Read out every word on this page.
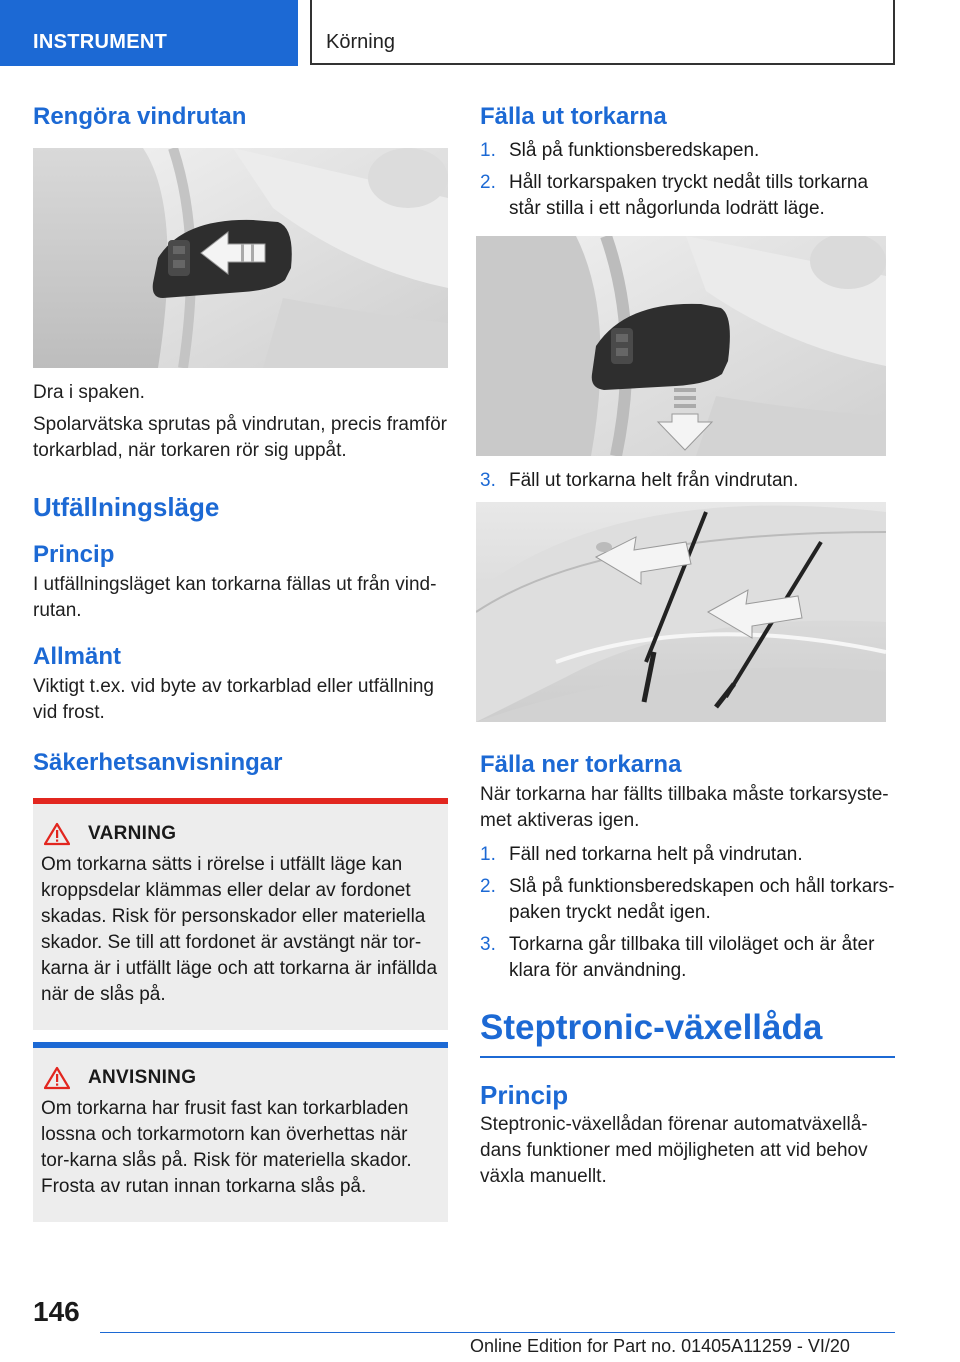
INSTRUMENT	Körning
Rengöra vindrutan

Dra i spaken.

Spolarvätska sprutas på vindrutan, precis framför torkarblad, när torkaren rör sig uppåt.

Utfällningsläge
Princip

I utfällningsläget kan torkarna fällas ut från vind-rutan.

Allmänt

Viktigt t.ex. vid byte av torkarblad eller utfällning vid frost.

Säkerhetsanvisningar
VARNING

Om torkarna sätts i rörelse i utfällt läge kan kroppsdelar klämmas eller delar av fordonet skadas. Risk för personskador eller materiella skador. Se till att fordonet är avstängt när tor-karna är i utfällt läge och att torkarna är infällda när de slås på.

ANVISNING

Om torkarna har frusit fast kan torkarbladen lossna och torkarmotorn kan överhettas när tor-karna slås på. Risk för materiella skador. Frosta av rutan innan torkarna slås på.

Fälla ut torkarna
1. Slå på funktionsberedskapen.
2. Håll torkarspaken tryckt nedåt tills torkarna står stilla i ett någorlunda lodrätt läge.
3. Fäll ut torkarna helt från vindrutan.
Fälla ner torkarna

När torkarna har fällts tillbaka måste torkarsyste-met aktiveras igen.

1. Fäll ned torkarna helt på vindrutan.
2. Slå på funktionsberedskapen och håll torkars-paken tryckt nedåt igen.
3. Torkarna går tillbaka till viloläget och är åter klara för användning.
Steptronic-växellåda
Princip

Steptronic-växellådan förenar automatväxellå-dans funktioner med möjligheten att vid behov växla manuellt.

146
Online Edition for Part no. 01405A11259 - VI/20
